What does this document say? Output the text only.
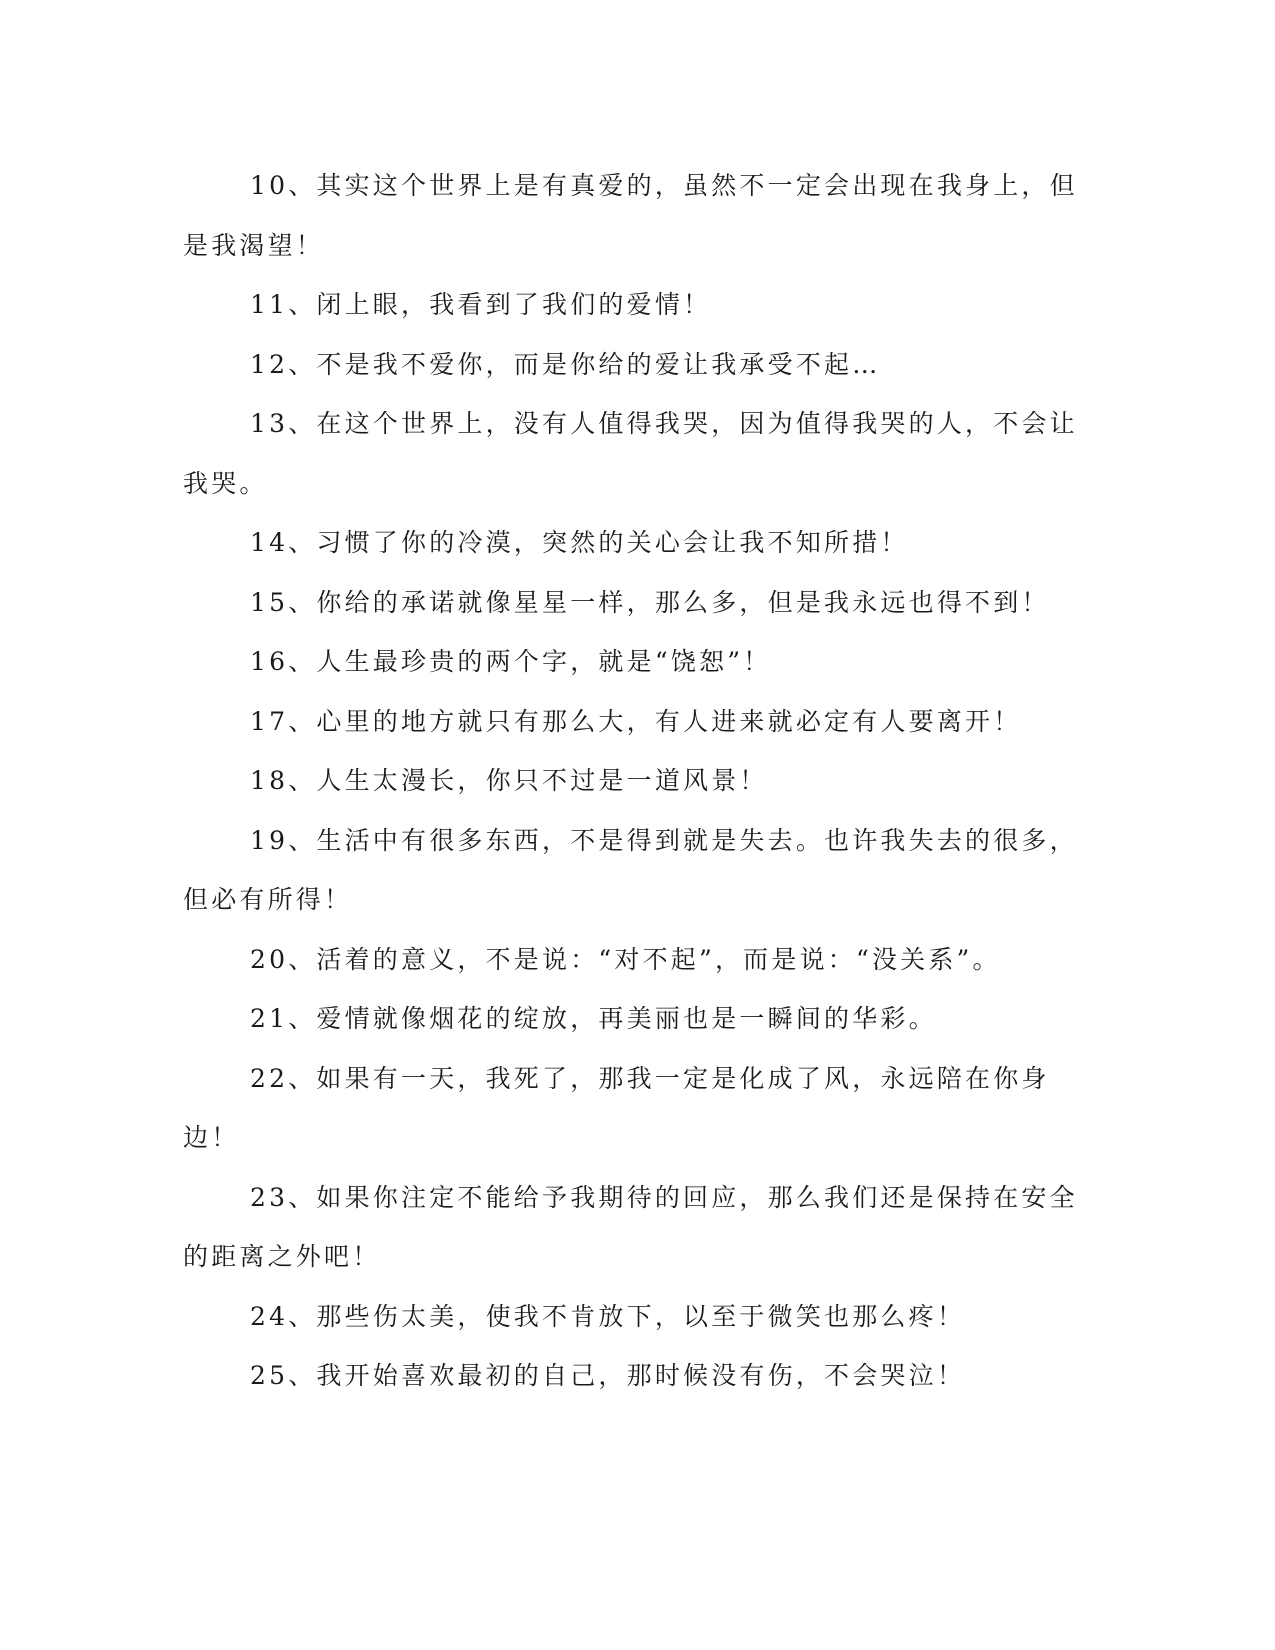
10、其实这个世界上是有真爱的，虽然不一定会出现在我身上，但是我渴望！

11、闭上眼，我看到了我们的爱情！

12、不是我不爱你，而是你给的爱让我承受不起…

13、在这个世界上，没有人值得我哭，因为值得我哭的人，不会让我哭。

14、习惯了你的冷漠，突然的关心会让我不知所措！

15、你给的承诺就像星星一样，那么多，但是我永远也得不到！

16、人生最珍贵的两个字，就是“饶恕”！

17、心里的地方就只有那么大，有人进来就必定有人要离开！

18、人生太漫长，你只不过是一道风景！

19、生活中有很多东西，不是得到就是失去。也许我失去的很多，但必有所得！

20、活着的意义，不是说：“对不起”，而是说：“没关系”。

21、爱情就像烟花的绽放，再美丽也是一瞬间的华彩。

22、如果有一天，我死了，那我一定是化成了风，永远陪在你身边！

23、如果你注定不能给予我期待的回应，那么我们还是保持在安全的距离之外吧！

24、那些伤太美，使我不肯放下，以至于微笑也那么疼！

25、我开始喜欢最初的自己，那时候没有伤，不会哭泣！
